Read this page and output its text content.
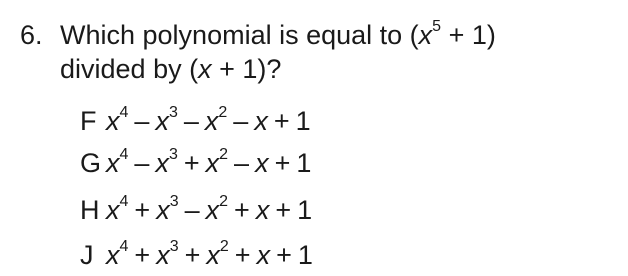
6. Which polynomial is equal to $(x^5 + 1)$
divided by (x + 1)?
F $x^4 - x^3 - x^2 - x + 1$
G $x^4 - x^3 + x^2 - x + 1$
H $x^4 + x^3 - x^2 + x + 1$
J $x^4 + x^3 + x^2 + x + 1$
